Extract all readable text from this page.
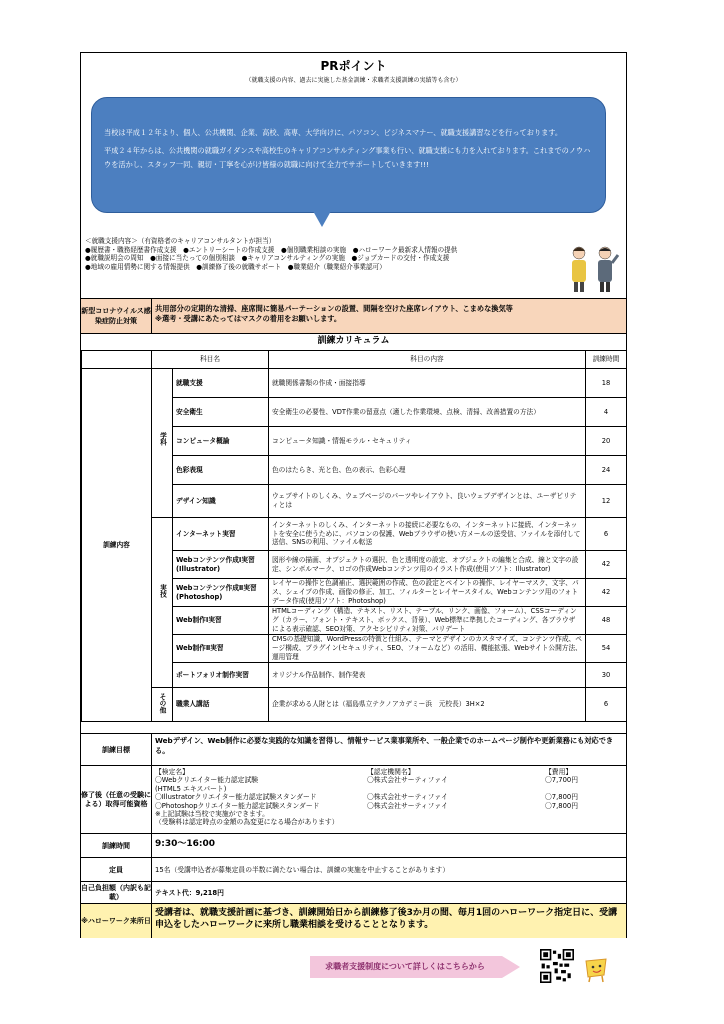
PRポイント
（就職支援の内容、過去に実施した基金訓練・求職者支援訓練の実績等も含む）

当校は平成１２年より、個人、公共機関、企業、高校、高専、大学向けに、パソコン、ビジネスマナー、就職支援講習などを行っております。

平成２４年からは、公共機関の就職ガイダンスや高校生のキャリアコンサルティング事業も行い、就職支援にも力を入れております。これまでのノウハウを活かし、スタッフ一同、親切・丁寧を心がけ皆様の就職に向けて全力でサポートしていきます!!!

＜就職支援内容＞（有資格者のキャリアコンサルタントが担当）
●履歴書・職務経歴書作成支援　●エントリーシートの作成支援　●個別職業相談の実施　●ハローワーク最新求人情報の提供
●就職説明会の周知　●面接に当たっての個別相談　●キャリアコンサルティングの実施　●ジョブカードの交付・作成支援
●地域の雇用情勢に関する情報提供　●訓練修了後の就職サポート　●職業紹介（職業紹介事業認可）
新型コロナウイルス感染症防止対策
共用部分の定期的な清掃、座席間に簡易パーテーションの設置、間隔を空けた座席レイアウト、こまめな換気等
※選考・受講にあたってはマスクの着用をお願いします。
訓練カリキュラム
	科目名		科目の内容	訓練時間
訓練内容		就職支援	就職関係書類の作成・面接指導	18
		安全衛生	安全衛生の必要性、VDT作業の留意点（適した作業環境、点検、清掃、改善措置の方法）	4
	学科	コンピュータ概論	コンピュータ知識・情報モラル・セキュリティ	20
		色彩表現	色のはたらき、光と色、色の表示、色彩心理	24
		デザイン知識	ウェブサイトのしくみ、ウェブページのパーツやレイアウト、良いウェブデザインとは、ユーザビリティとは	12
		インターネット実習	インターネットのしくみ、インターネットの接続に必要なもの、インターネットに接続、インターネットを安全に使うために、パソコンの保護、Webブラウザの使い方メールの送受信、ファイルを添付して送信、SNSの利用、ファイル転送	6
		Webコンテンツ作成Ⅰ実習(Illustrator)	図形や線の描画、オブジェクトの選択、色と透明度の設定、オブジェクトの編集と合成、線と文字の設定、シンボルマーク、ロゴの作成Webコンテンツ用のイラスト作成(使用ソフト：Illustrator)	42
	実技	Webコンテンツ作成Ⅱ実習(Photoshop)	レイヤーの操作と色調補正、選択範囲の作成、色の設定とペイントの操作、レイヤーマスク、文字、パス、シェイプの作成、画像の修正、加工、フィルターとレイヤースタイル、Webコンテンツ用のフォトデータ作成(使用ソフト：Photoshop)	42
		Web制作Ⅰ実習	HTMLコーディング（構造、テキスト、リスト、テーブル、リンク、画像、フォーム）、CSSコーディング（カラー、フォント・テキスト、ボックス、背景）、Web標準に準拠したコーディング、各ブラウザによる表示確認、SEO対策、アクセシビリティ対策、バリデート	48
		Web制作Ⅱ実習	CMSの基礎知識、WordPressの特徴と仕組み、テーマとデザインのカスタマイズ、コンテンツ作成、ページ構成、プラグイン(セキュリティ、SEO、フォームなど）の活用、機能拡張、Webサイト公開方法、運用管理	54
		ポートフォリオ制作実習	オリジナル作品制作、制作発表	30
	その他	職業人講話	企業が求める人財とは（福島県立テクノアカデミー浜　元校長）3H×2	6
訓練目標
Webデザイン、Web制作に必要な実践的な知識を習得し、情報サービス業事業所や、一般企業でのホームページ制作や更新業務にも対応できる。
修了後（任意の受験による）取得可能資格
【検定名】	【認定機関名】	【費用】
〇Webクリエイター能力認定試験	〇株式会社サーティファイ	〇7,700円
(HTML5 エキスパート)
〇Illustratorクリエイター能力認定試験スタンダード	〇株式会社サーティファイ	〇7,800円
〇Photoshopクリエイター能力認定試験スタンダード	〇株式会社サーティファイ	〇7,800円
※上記試験は当校で実施ができます。
（受験料は認定時点の金額の為変更になる場合があります）
訓練時間	9:30〜16:00
定員	15名（受講申込者が募集定員の半数に満たない場合は、訓練の実施を中止することがあります）
自己負担額（内訳も記載）	テキスト代：9,218円
※ハローワーク来所日
受講者は、就職支援計画に基づき、訓練開始日から訓練修了後3か月の間、毎月1回のハローワーク指定日に、受講申込をしたハローワークに来所し職業相談を受けることとなります。
求職者支援制度について詳しくはこちらから
